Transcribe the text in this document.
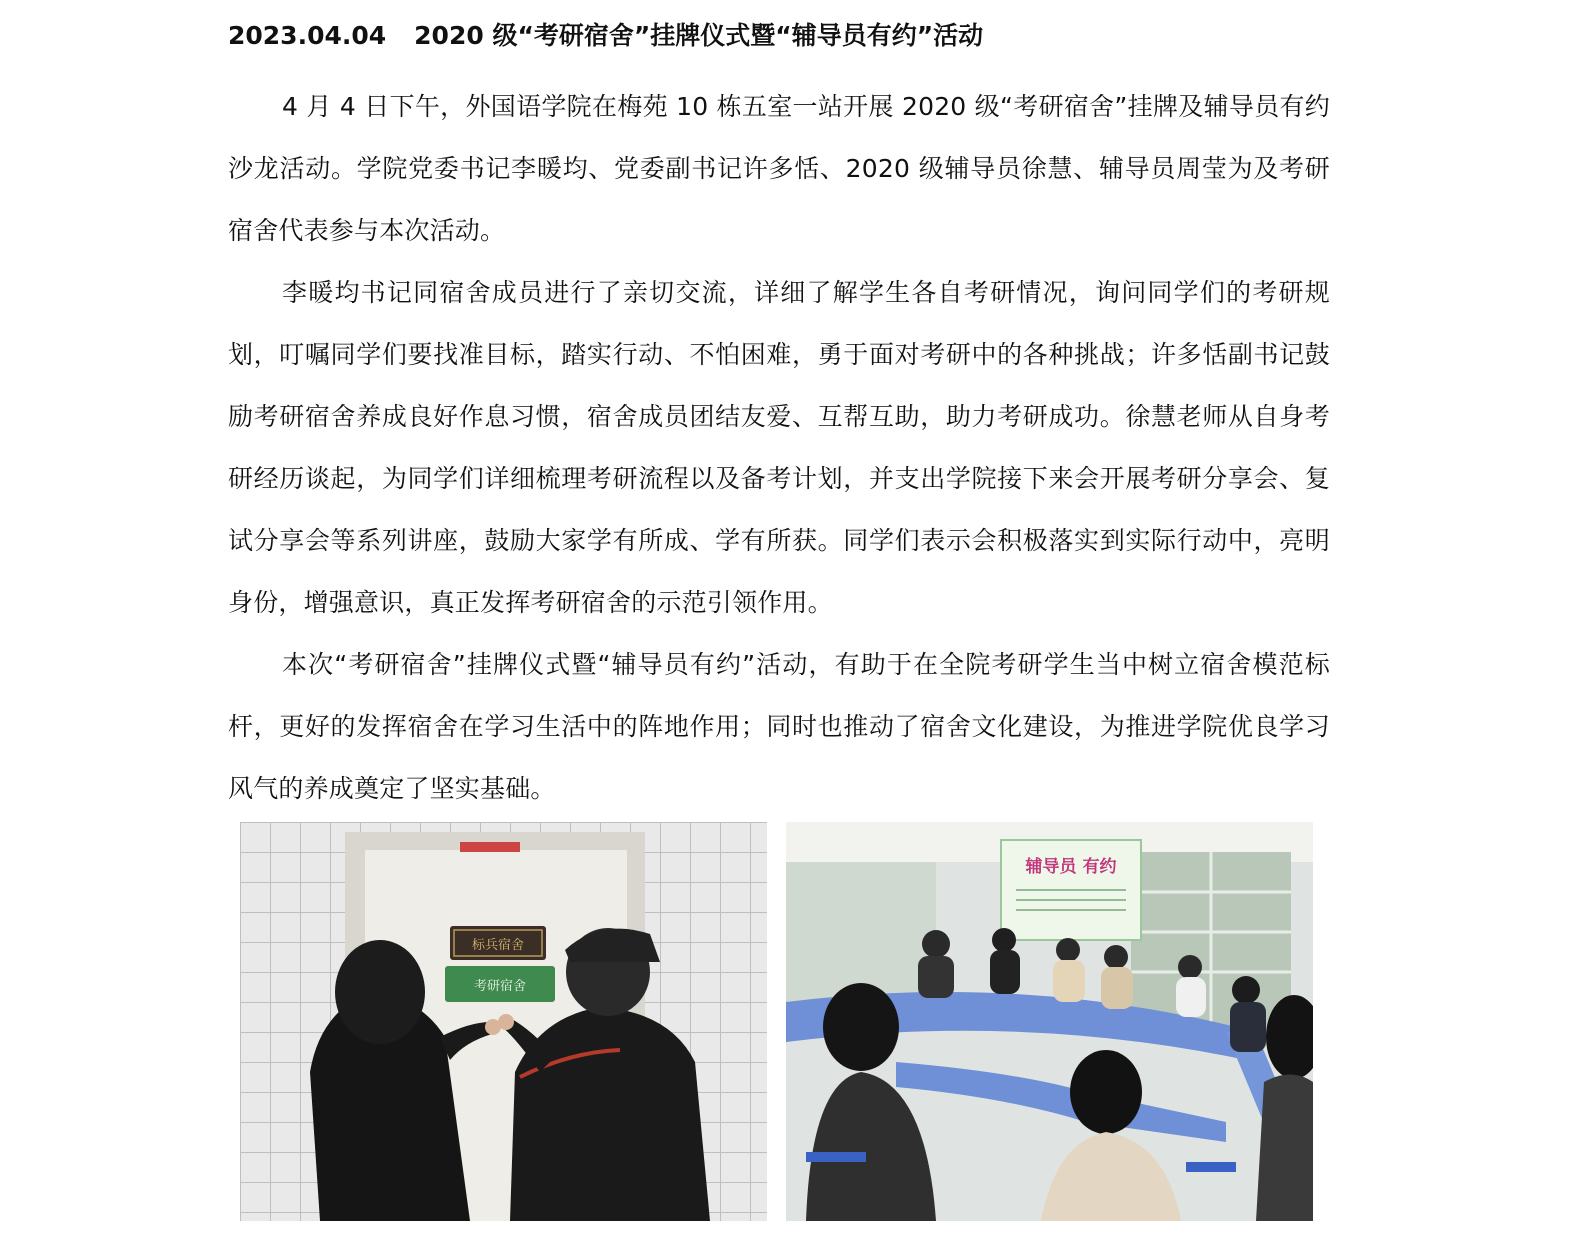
2023.04.04 2020 级“考研宿舍”挂牌仪式暨“辅导员有约”活动

4 月 4 日下午，外国语学院在梅苑 10 栋五室一站开展 2020 级“考研宿舍”挂牌及辅导员有约沙龙活动。学院党委书记李暖均、党委副书记许多恬、2020 级辅导员徐慧、辅导员周莹为及考研宿舍代表参与本次活动。

李暖均书记同宿舍成员进行了亲切交流，详细了解学生各自考研情况，询问同学们的考研规划，叮嘱同学们要找准目标，踏实行动、不怕困难，勇于面对考研中的各种挑战；许多恬副书记鼓励考研宿舍养成良好作息习惯，宿舍成员团结友爱、互帮互助，助力考研成功。徐慧老师从自身考研经历谈起，为同学们详细梳理考研流程以及备考计划，并支出学院接下来会开展考研分享会、复试分享会等系列讲座，鼓励大家学有所成、学有所获。同学们表示会积极落实到实际行动中，亮明身份，增强意识，真正发挥考研宿舍的示范引领作用。

本次“考研宿舍”挂牌仪式暨“辅导员有约”活动，有助于在全院考研学生当中树立宿舍模范标杆，更好的发挥宿舍在学习生活中的阵地作用；同时也推动了宿舍文化建设，为推进学院优良学习风气的养成奠定了坚实基础。

标兵宿舍
考研宿舍
辅导员 有约
